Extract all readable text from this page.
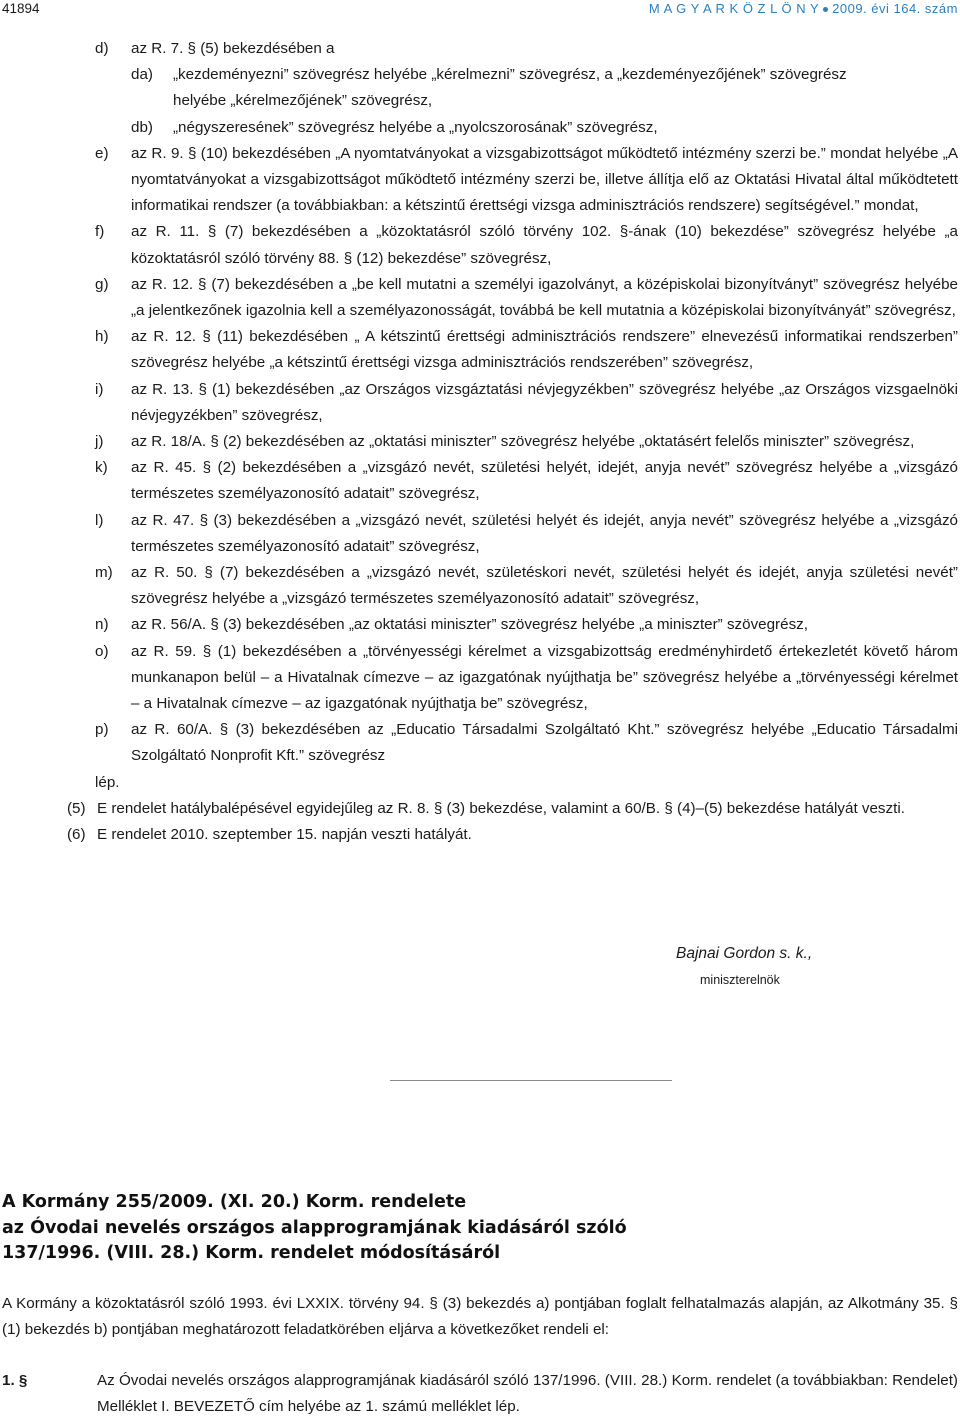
41894	M A G Y A R K Ö Z L Ö N Y 2009. évi 164. szám
d) az R. 7. § (5) bekezdésében a
da) „kezdeményezni” szövegrész helyébe „kérelmezni” szövegrész, a „kezdeményezőjének” szövegrész
helyébe „kérelmezőjének” szövegrész,
db) „négyszeresének” szövegrész helyébe a „nyolcszorosának” szövegrész,
e) az R. 9. § (10) bekezdésében „A nyomtatványokat a vizsgabizottságot működtető intézmény szerzi be.” mondat helyébe „A nyomtatványokat a vizsgabizottságot működtető intézmény szerzi be, illetve állítja elő az Oktatási Hivatal által működtetett informatikai rendszer (a továbbiakban: a kétszintű érettségi vizsga adminisztrációs rendszere) segítségével.” mondat,
f) az R. 11. § (7) bekezdésében a „közoktatásról szóló törvény 102. §-ának (10) bekezdése” szövegrész helyébe „a közoktatásról szóló törvény 88. § (12) bekezdése” szövegrész,
g) az R. 12. § (7) bekezdésében a „be kell mutatni a személyi igazolványt, a középiskolai bizonyítványt” szövegrész helyébe „a jelentkezőnek igazolnia kell a személyazonosságát, továbbá be kell mutatnia a középiskolai bizonyítványát” szövegrész,
h) az R. 12. § (11) bekezdésében „ A kétszintű érettségi adminisztrációs rendszere” elnevezésű informatikai rendszerben” szövegrész helyébe „a kétszintű érettségi vizsga adminisztrációs rendszerében” szövegrész,
i) az R. 13. § (1) bekezdésében „az Országos vizsgáztatási névjegyzékben” szövegrész helyébe „az Országos vizsgaelnöki névjegyzékben” szövegrész,
j) az R. 18/A. § (2) bekezdésében az „oktatási miniszter” szövegrész helyébe „oktatásért felelős miniszter” szövegrész,
k) az R. 45. § (2) bekezdésében a „vizsgázó nevét, születési helyét, idejét, anyja nevét” szövegrész helyébe a „vizsgázó természetes személyazonosító adatait” szövegrész,
l) az R. 47. § (3) bekezdésében a „vizsgázó nevét, születési helyét és idejét, anyja nevét” szövegrész helyébe a „vizsgázó természetes személyazonosító adatait” szövegrész,
m) az R. 50. § (7) bekezdésében a „vizsgázó nevét, születéskori nevét, születési helyét és idejét, anyja születési nevét” szövegrész helyébe a „vizsgázó természetes személyazonosító adatait” szövegrész,
n) az R. 56/A. § (3) bekezdésében „az oktatási miniszter” szövegrész helyébe „a miniszter” szövegrész,
o) az R. 59. § (1) bekezdésében a „törvényességi kérelmet a vizsgabizottság eredményhirdető értekezletét követő három munkanapon belül – a Hivatalnak címezve – az igazgatónak nyújthatja be” szövegrész helyébe a „törvényességi kérelmet – a Hivatalnak címezve – az igazgatónak nyújthatja be” szövegrész,
p) az R. 60/A. § (3) bekezdésében az „Educatio Társadalmi Szolgáltató Kht.” szövegrész helyébe „Educatio Társadalmi Szolgáltató Nonprofit Kft.” szövegrész
lép.
(5) E rendelet hatálybalépésével egyidejűleg az R. 8. § (3) bekezdése, valamint a 60/B. § (4)–(5) bekezdése hatályát veszti.
(6) E rendelet 2010. szeptember 15. napján veszti hatályát.
Bajnai Gordon s. k.,
miniszterelnök
A Kormány 255/2009. (XI. 20.) Korm. rendelete
az Óvodai nevelés országos alapprogramjának kiadásáról szóló
137/1996. (VIII. 28.) Korm. rendelet módosításáról
A Kormány a közoktatásról szóló 1993. évi LXXIX. törvény 94. § (3) bekezdés a) pontjában foglalt felhatalmazás alapján, az Alkotmány 35. § (1) bekezdés b) pontjában meghatározott feladatkörében eljárva a következőket rendeli el:
1. §	Az Óvodai nevelés országos alapprogramjának kiadásáról szóló 137/1996. (VIII. 28.) Korm. rendelet (a továbbiakban: Rendelet) Melléklet I. BEVEZETŐ cím helyébe az 1. számú melléklet lép.
